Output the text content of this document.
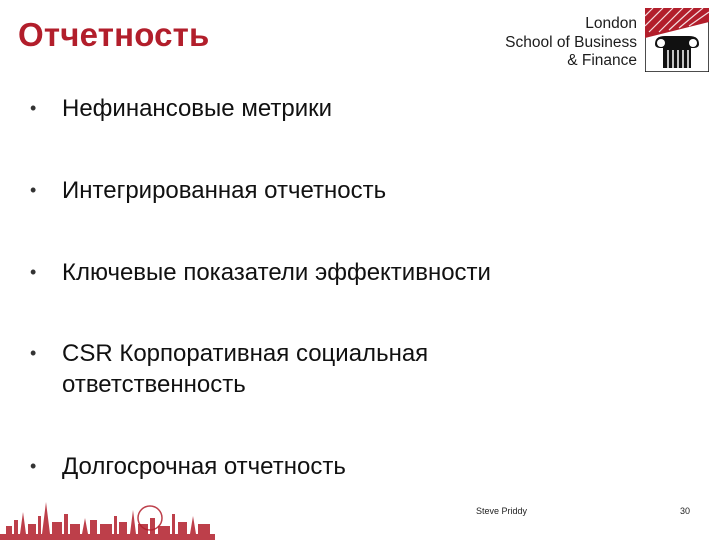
Отчетность	London
School of Business
& Finance
•	Нефинансовые метрики
•	Интегрированная отчетность
•	Ключевые показатели эффективности
•	CSR Корпоративная социальная ответственность
•	Долгосрочная отчетность
Steve Priddy	30
